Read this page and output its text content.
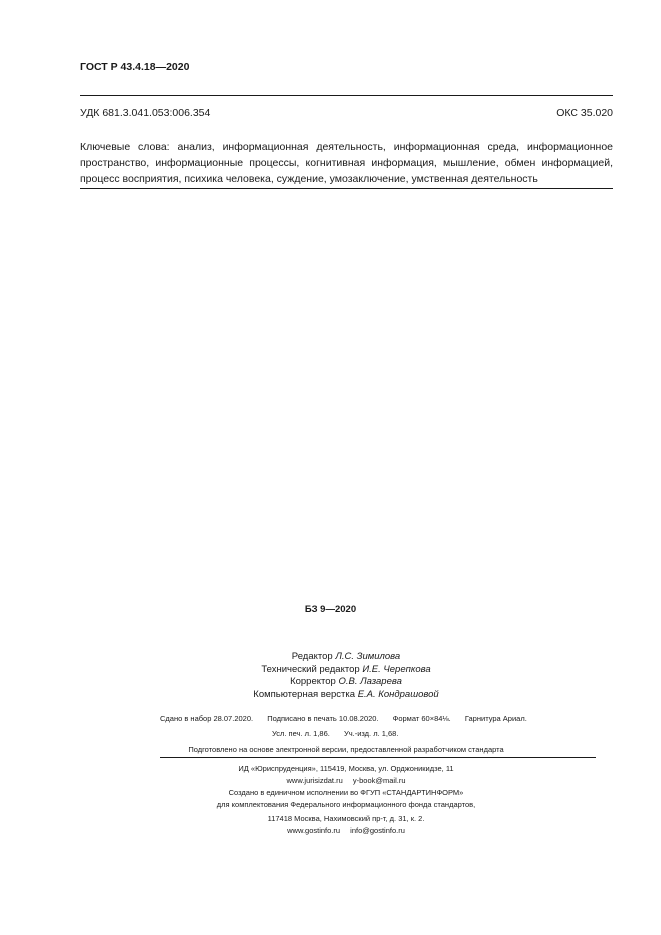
ГОСТ Р 43.4.18—2020
УДК 681.3.041.053:006.354	ОКС 35.020
Ключевые слова: анализ, информационная деятельность, информационная среда, информационное пространство, информационные процессы, когнитивная информация, мышление, обмен информацией, процесс восприятия, психика человека, суждение, умозаключение, умственная деятельность
БЗ 9—2020
Редактор Л.С. Зимилова
Технический редактор И.Е. Черепкова
Корректор О.В. Лазарева
Компьютерная верстка Е.А. Кондрашовой
Сдано в набор 28.07.2020. Подписано в печать 10.08.2020. Формат 60×84⅛. Гарнитура Ариал.
Усл. печ. л. 1,86. Уч.-изд. л. 1,68.
Подготовлено на основе электронной версии, предоставленной разработчиком стандарта
ИД «Юриспруденция», 115419, Москва, ул. Орджоникидзе, 11
www.jurisizdat.ru y-book@mail.ru
Создано в единичном исполнении во ФГУП «СТАНДАРТИНФОРМ»
для комплектования Федерального информационного фонда стандартов,
117418 Москва, Нахимовский пр-т, д. 31, к. 2.
www.gostinfo.ru info@gostinfo.ru
